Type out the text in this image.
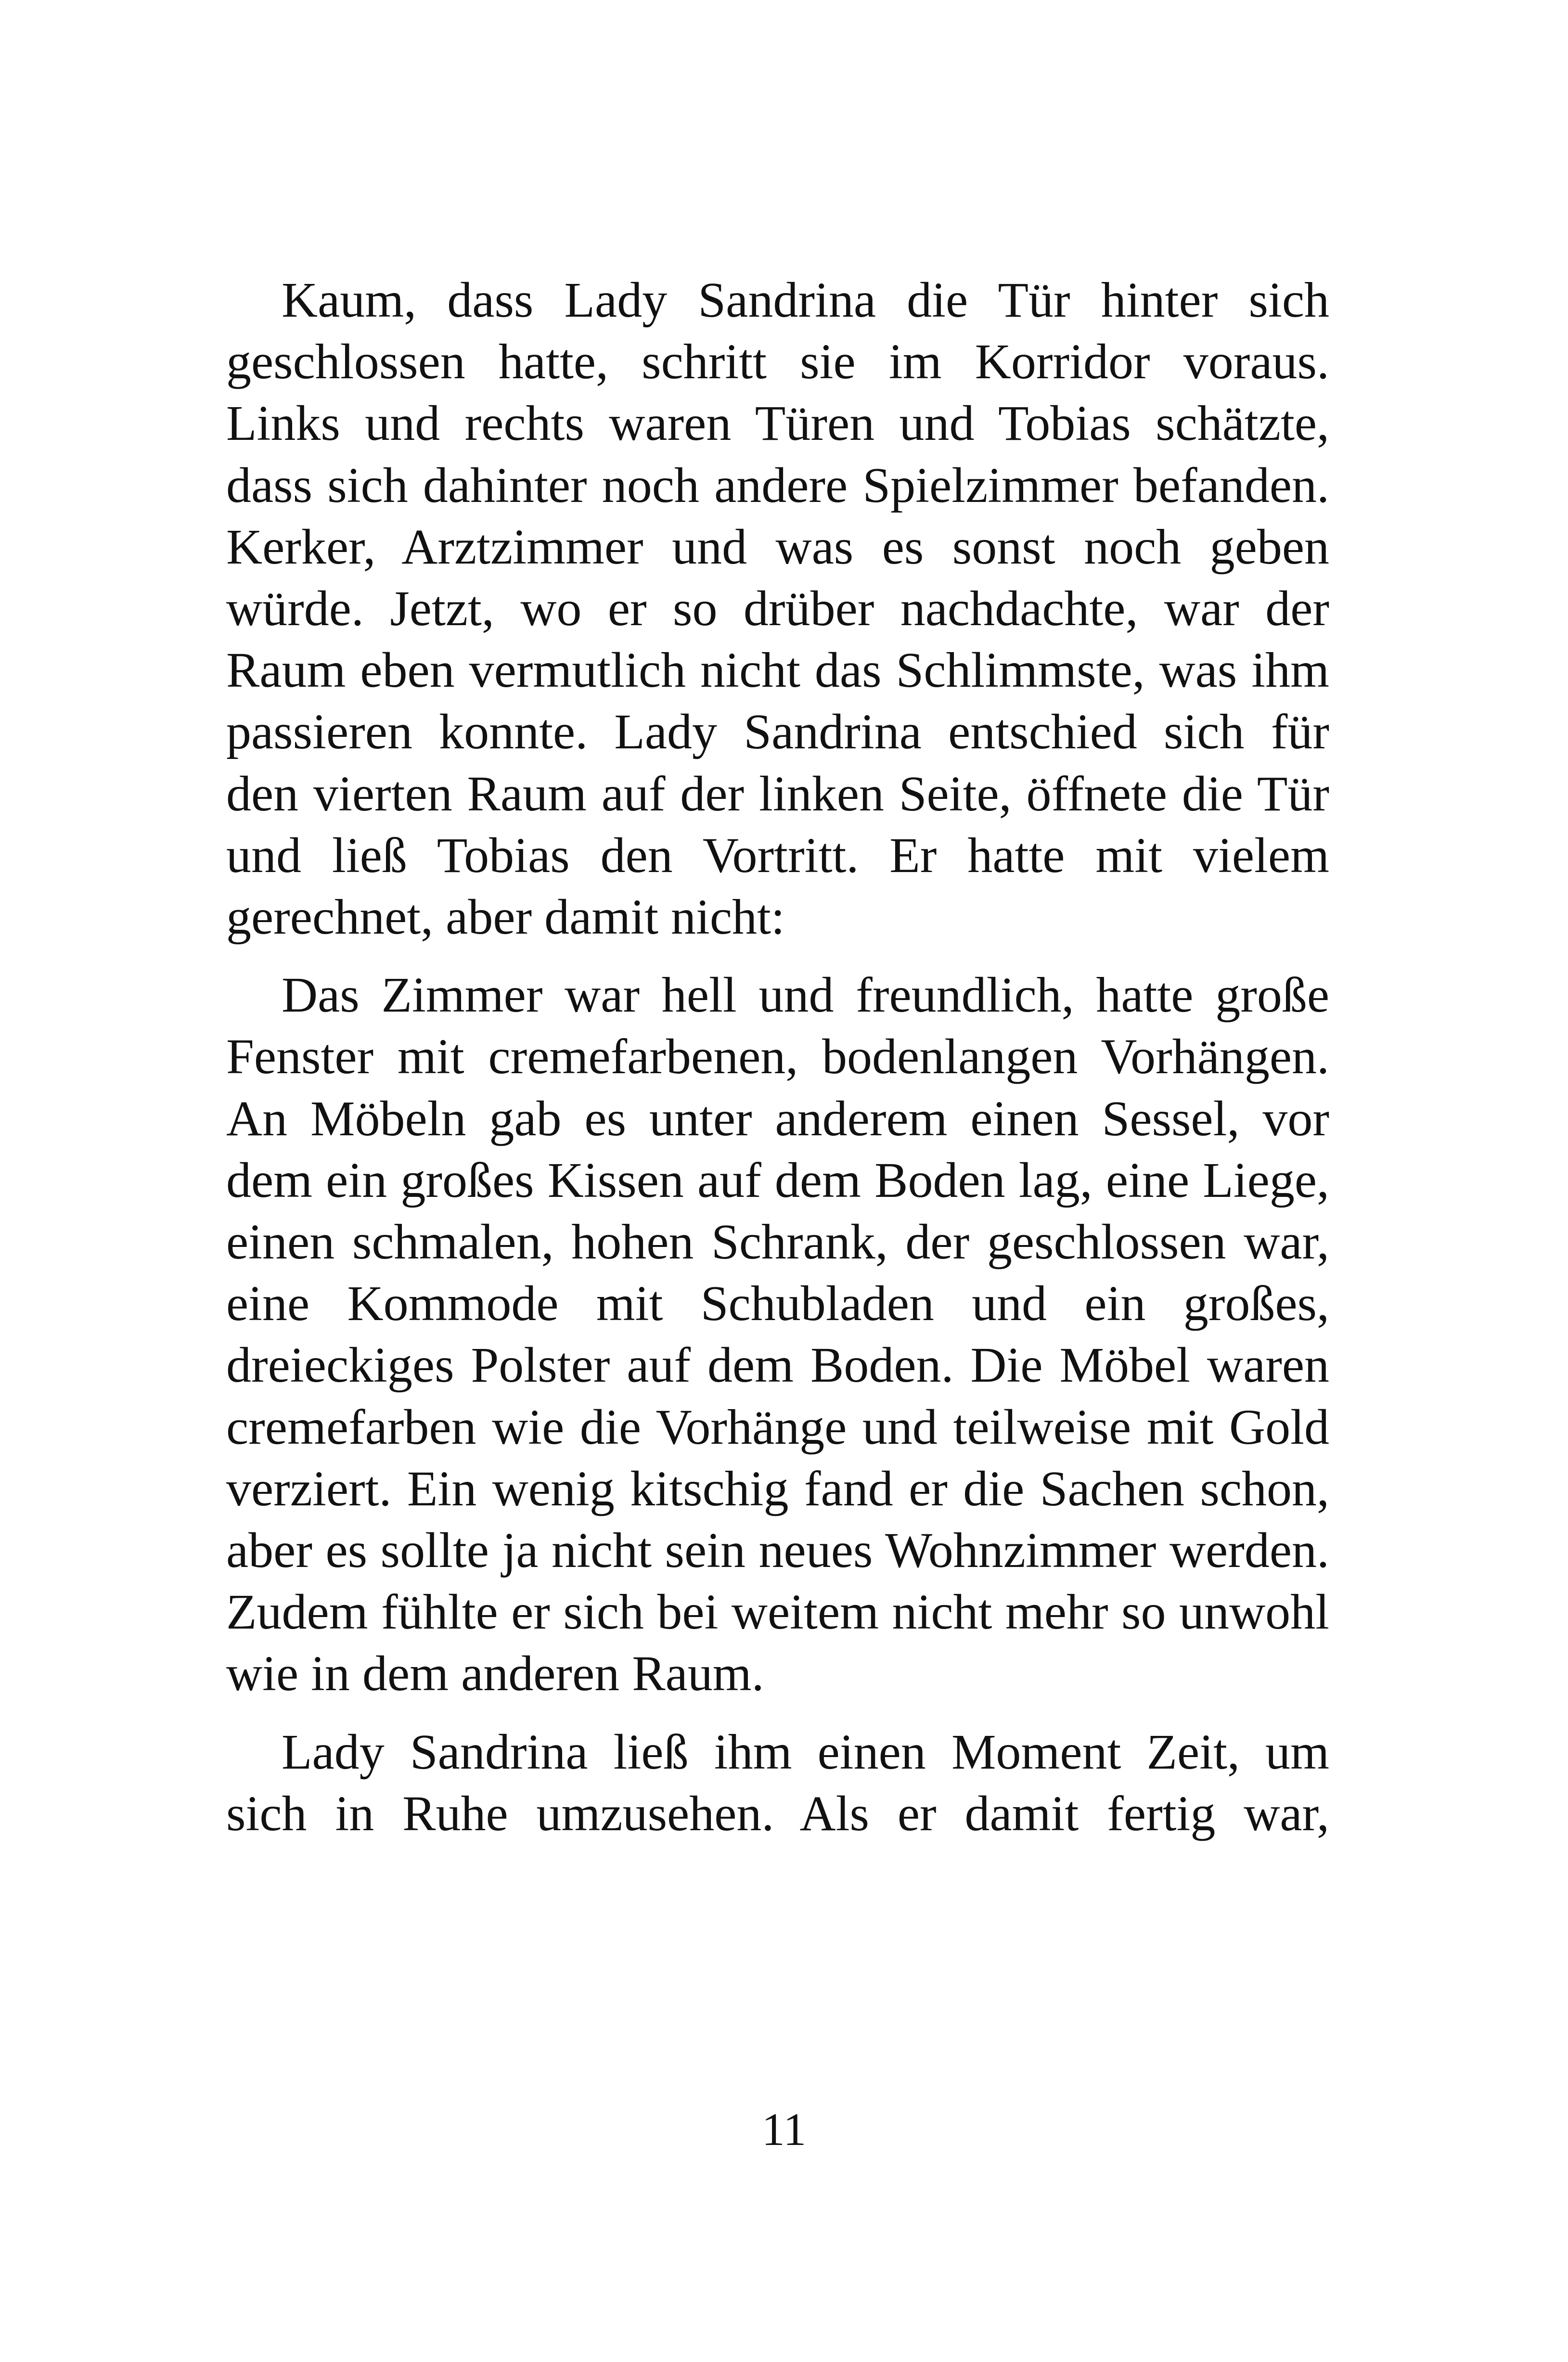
Kaum, dass Lady Sandrina die Tür hinter sich geschlossen hatte, schritt sie im Korridor voraus. Links und rechts waren Türen und Tobias schätzte, dass sich dahinter noch andere Spielzimmer befanden. Kerker, Arztzimmer und was es sonst noch geben würde. Jetzt, wo er so drüber nachdachte, war der Raum eben vermutlich nicht das Schlimmste, was ihm passieren konnte. Lady Sandrina entschied sich für den vierten Raum auf der linken Seite, öffnete die Tür und ließ Tobias den Vortritt. Er hatte mit vielem gerechnet, aber damit nicht:

Das Zimmer war hell und freundlich, hatte große Fenster mit cremefarbenen, bodenlangen Vorhängen. An Möbeln gab es unter anderem einen Sessel, vor dem ein großes Kissen auf dem Boden lag, eine Liege, einen schmalen, hohen Schrank, der geschlossen war, eine Kommode mit Schubladen und ein großes, dreieckiges Polster auf dem Boden. Die Möbel waren cremefarben wie die Vorhänge und teilweise mit Gold verziert. Ein wenig kitschig fand er die Sachen schon, aber es sollte ja nicht sein neues Wohnzimmer werden. Zudem fühlte er sich bei weitem nicht mehr so unwohl wie in dem anderen Raum.

Lady Sandrina ließ ihm einen Moment Zeit, um sich in Ruhe umzusehen. Als er damit fertig war,

11
